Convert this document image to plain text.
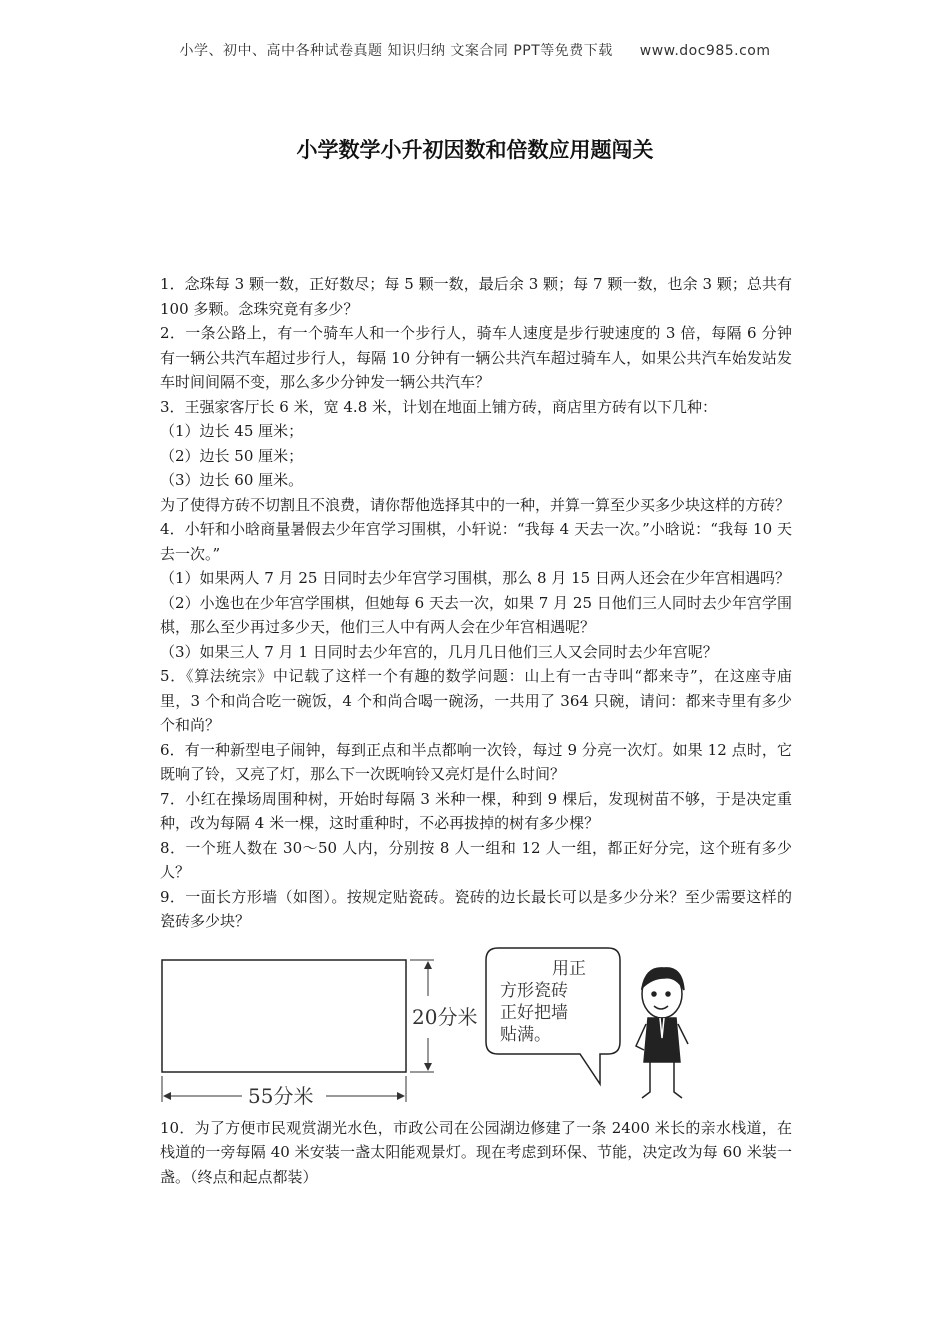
小学、初中、高中各种试卷真题 知识归纳 文案合同 PPT等免费下载 www.doc985.com
小学数学小升初因数和倍数应用题闯关

1．念珠每 3 颗一数，正好数尽；每 5 颗一数，最后余 3 颗；每 7 颗一数，也余 3 颗；总共有 100 多颗。念珠究竟有多少？

2．一条公路上，有一个骑车人和一个步行人，骑车人速度是步行驶速度的 3 倍，每隔 6 分钟有一辆公共汽车超过步行人，每隔 10 分钟有一辆公共汽车超过骑车人，如果公共汽车始发站发车时间间隔不变，那么多少分钟发一辆公共汽车？

3．王强家客厅长 6 米，宽 4.8 米，计划在地面上铺方砖，商店里方砖有以下几种：

（1）边长 45 厘米；

（2）边长 50 厘米；

（3）边长 60 厘米。

为了使得方砖不切割且不浪费，请你帮他选择其中的一种，并算一算至少买多少块这样的方砖？

4．小轩和小晗商量暑假去少年宫学习围棋，小轩说：“我每 4 天去一次。”小晗说：“我每 10 天去一次。”

（1）如果两人 7 月 25 日同时去少年宫学习围棋，那么 8 月 15 日两人还会在少年宫相遇吗？

（2）小逸也在少年宫学围棋，但她每 6 天去一次，如果 7 月 25 日他们三人同时去少年宫学围棋，那么至少再过多少天，他们三人中有两人会在少年宫相遇呢？

（3）如果三人 7 月 1 日同时去少年宫的，几月几日他们三人又会同时去少年宫呢？

5．《算法统宗》中记载了这样一个有趣的数学问题：山上有一古寺叫“都来寺”，在这座寺庙里，3 个和尚合吃一碗饭，4 个和尚合喝一碗汤，一共用了 364 只碗，请问：都来寺里有多少个和尚？

6．有一种新型电子闹钟，每到正点和半点都响一次铃，每过 9 分亮一次灯。如果 12 点时，它既响了铃，又亮了灯，那么下一次既响铃又亮灯是什么时间？

7．小红在操场周围种树，开始时每隔 3 米种一棵，种到 9 棵后，发现树苗不够，于是决定重种，改为每隔 4 米一棵，这时重种时，不必再拔掉的树有多少棵？

8．一个班人数在 30～50 人内，分别按 8 人一组和 12 人一组，都正好分完，这个班有多少人？

9．一面长方形墙（如图）。按规定贴瓷砖。瓷砖的边长最长可以是多少分米？至少需要这样的瓷砖多少块？

20分米
55分米
用正
方形瓷砖
正好把墙
贴满。

10．为了方便市民观赏湖光水色，市政公司在公园湖边修建了一条 2400 米长的亲水栈道，在栈道的一旁每隔 40 米安装一盏太阳能观景灯。现在考虑到环保、节能，决定改为每 60 米装一盏。（终点和起点都装）
